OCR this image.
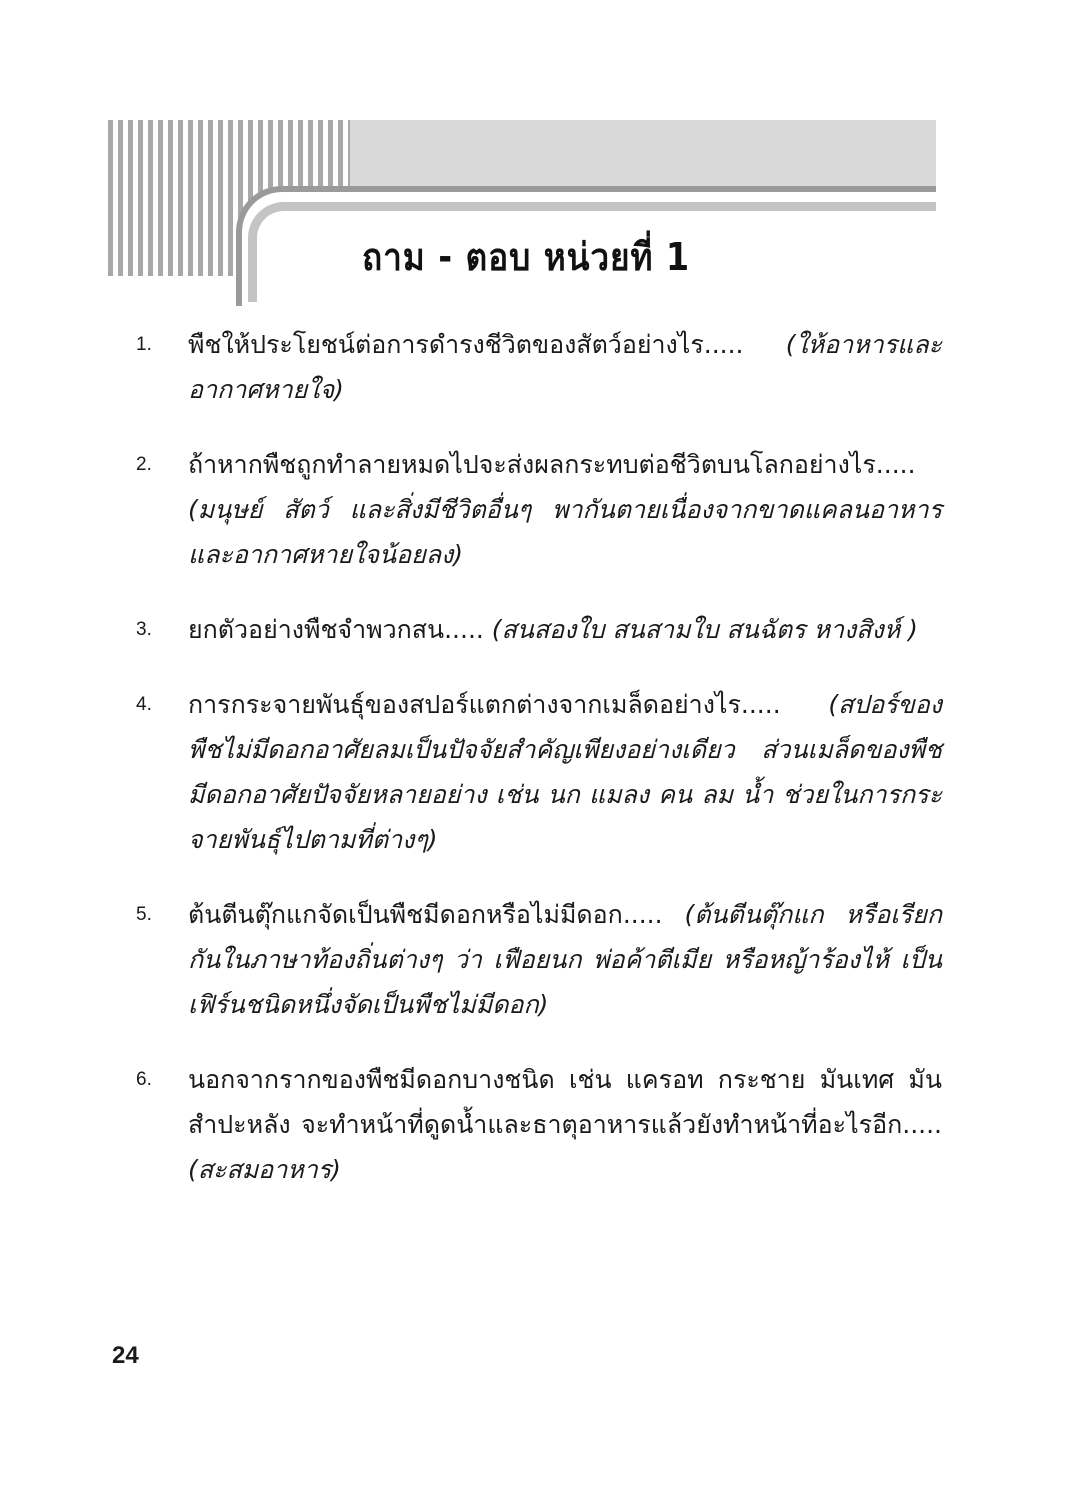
ถาม - ตอบ หน่วยที่ 1
1.	พืชให้ประโยชน์ต่อการดำรงชีวิตของสัตว์อย่างไร..... (ให้อาหารและอากาศหายใจ)
2.	ถ้าหากพืชถูกทำลายหมดไปจะส่งผลกระทบต่อชีวิตบนโลกอย่างไร..... (มนุษย์ สัตว์ และสิ่งมีชีวิตอื่นๆ พากันตายเนื่องจากขาดแคลนอาหารและอากาศหายใจน้อยลง)
3.	ยกตัวอย่างพืชจำพวกสน..... (สนสองใบ สนสามใบ สนฉัตร หางสิงห์ )
4.	การกระจายพันธุ์ของสปอร์แตกต่างจากเมล็ดอย่างไร..... (สปอร์ของพืชไม่มีดอกอาศัยลมเป็นปัจจัยสำคัญเพียงอย่างเดียว ส่วนเมล็ดของพืชมีดอกอาศัยปัจจัยหลายอย่าง เช่น นก แมลง คน ลม น้ำ ช่วยในการกระจายพันธุ์ไปตามที่ต่างๆ)
5.	ต้นตีนตุ๊กแกจัดเป็นพืชมีดอกหรือไม่มีดอก..... (ต้นตีนตุ๊กแก หรือเรียกกันในภาษาท้องถิ่นต่างๆ ว่า เฟือยนก พ่อค้าตีเมีย หรือหญ้าร้องไห้ เป็นเฟิร์นชนิดหนึ่งจัดเป็นพืชไม่มีดอก)
6.	นอกจากรากของพืชมีดอกบางชนิด เช่น แครอท กระชาย มันเทศ มันสำปะหลัง จะทำหน้าที่ดูดน้ำและธาตุอาหารแล้วยังทำหน้าที่อะไรอีก..... (สะสมอาหาร)
24
